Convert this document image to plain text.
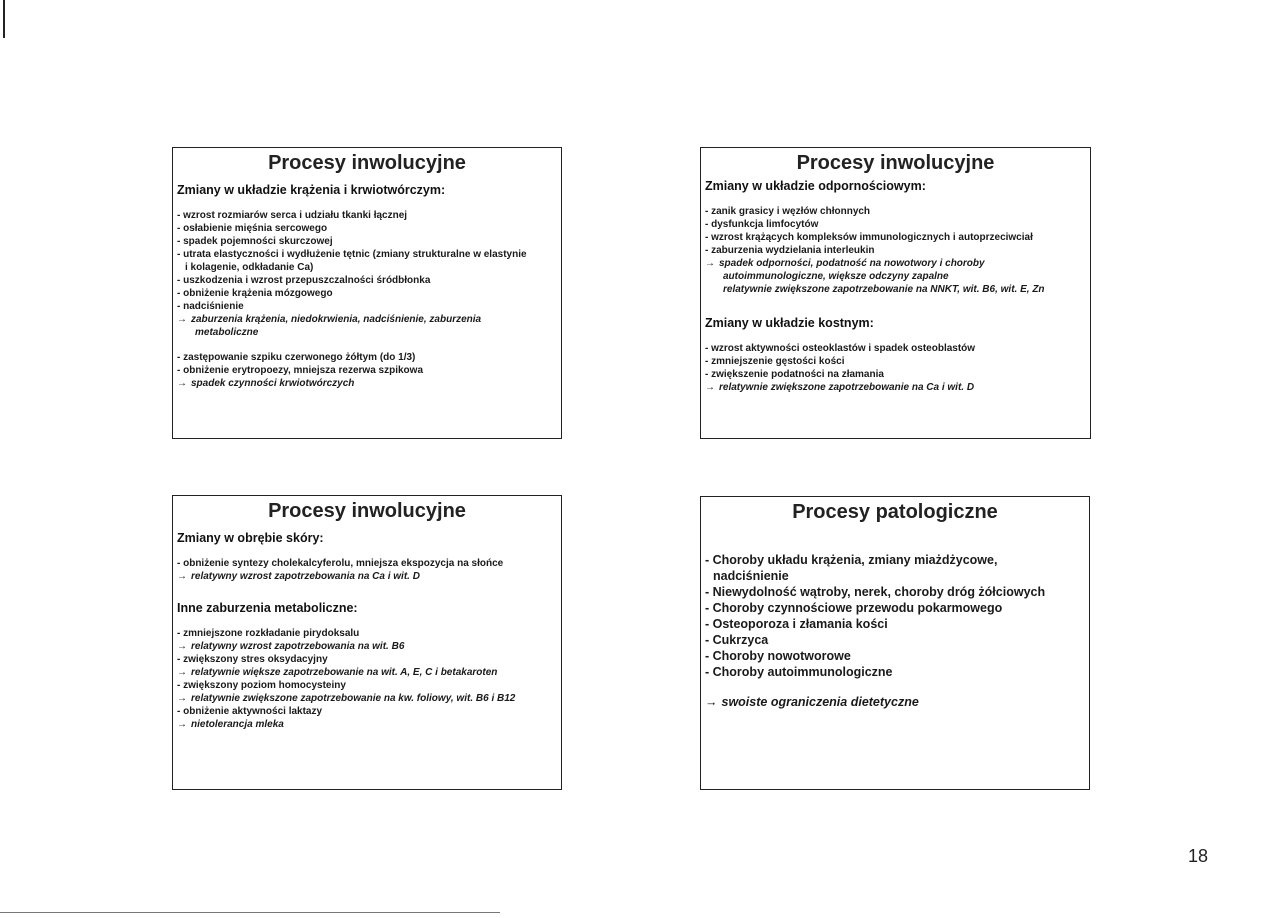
Procesy inwolucyjne

Zmiany w układzie krążenia i krwiotwórczym:

- wzrost rozmiarów serca i udziału tkanki łącznej
- osłabienie mięśnia sercowego
- spadek pojemności skurczowej
- utrata elastyczności i wydłużenie tętnic (zmiany strukturalne w elastynie
i kolagenie, odkładanie Ca)
- uszkodzenia i wzrost przepuszczalności śródbłonka
- obniżenie krążenia mózgowego
- nadciśnienie
→ zaburzenia krążenia, niedokrwienia, nadciśnienie, zaburzenia
metaboliczne
- zastępowanie szpiku czerwonego żółtym (do 1/3)
- obniżenie erytropoezy, mniejsza rezerwa szpikowa
→ spadek czynności krwiotwórczych
Procesy inwolucyjne

Zmiany w układzie odpornościowym:

- zanik grasicy i węzłów chłonnych
- dysfunkcja limfocytów
- wzrost krążących kompleksów immunologicznych i autoprzeciwciał
- zaburzenia wydzielania interleukin
→ spadek odporności, podatność na nowotwory i choroby
autoimmunologiczne, większe odczyny zapalne
relatywnie zwiększone zapotrzebowanie na NNKT, wit. B6, wit. E, Zn

Zmiany w układzie kostnym:

- wzrost aktywności osteoklastów i spadek osteoblastów
- zmniejszenie gęstości kości
- zwiększenie podatności na złamania
→ relatywnie zwiększone zapotrzebowanie na Ca i wit. D
Procesy inwolucyjne

Zmiany w obrębie skóry:

- obniżenie syntezy cholekalcyferolu, mniejsza ekspozycja na słońce
→ relatywny wzrost zapotrzebowania na Ca i wit. D

Inne zaburzenia metaboliczne:

- zmniejszone rozkładanie pirydoksalu
→ relatywny wzrost zapotrzebowania na wit. B6
- zwiększony stres oksydacyjny
→ relatywnie większe zapotrzebowanie na wit. A, E, C i betakaroten
- zwiększony poziom homocysteiny
→ relatywnie zwiększone zapotrzebowanie na kw. foliowy, wit. B6 i B12
- obniżenie aktywności laktazy
→ nietolerancja mleka
Procesy patologiczne
- Choroby układu krążenia, zmiany miażdżycowe,
nadciśnienie
- Niewydolność wątroby, nerek, choroby dróg żółciowych
- Choroby czynnościowe przewodu pokarmowego
- Osteoporoza i złamania kości
- Cukrzyca
- Choroby nowotworowe
- Choroby autoimmunologiczne
→ swoiste ograniczenia dietetyczne
18
